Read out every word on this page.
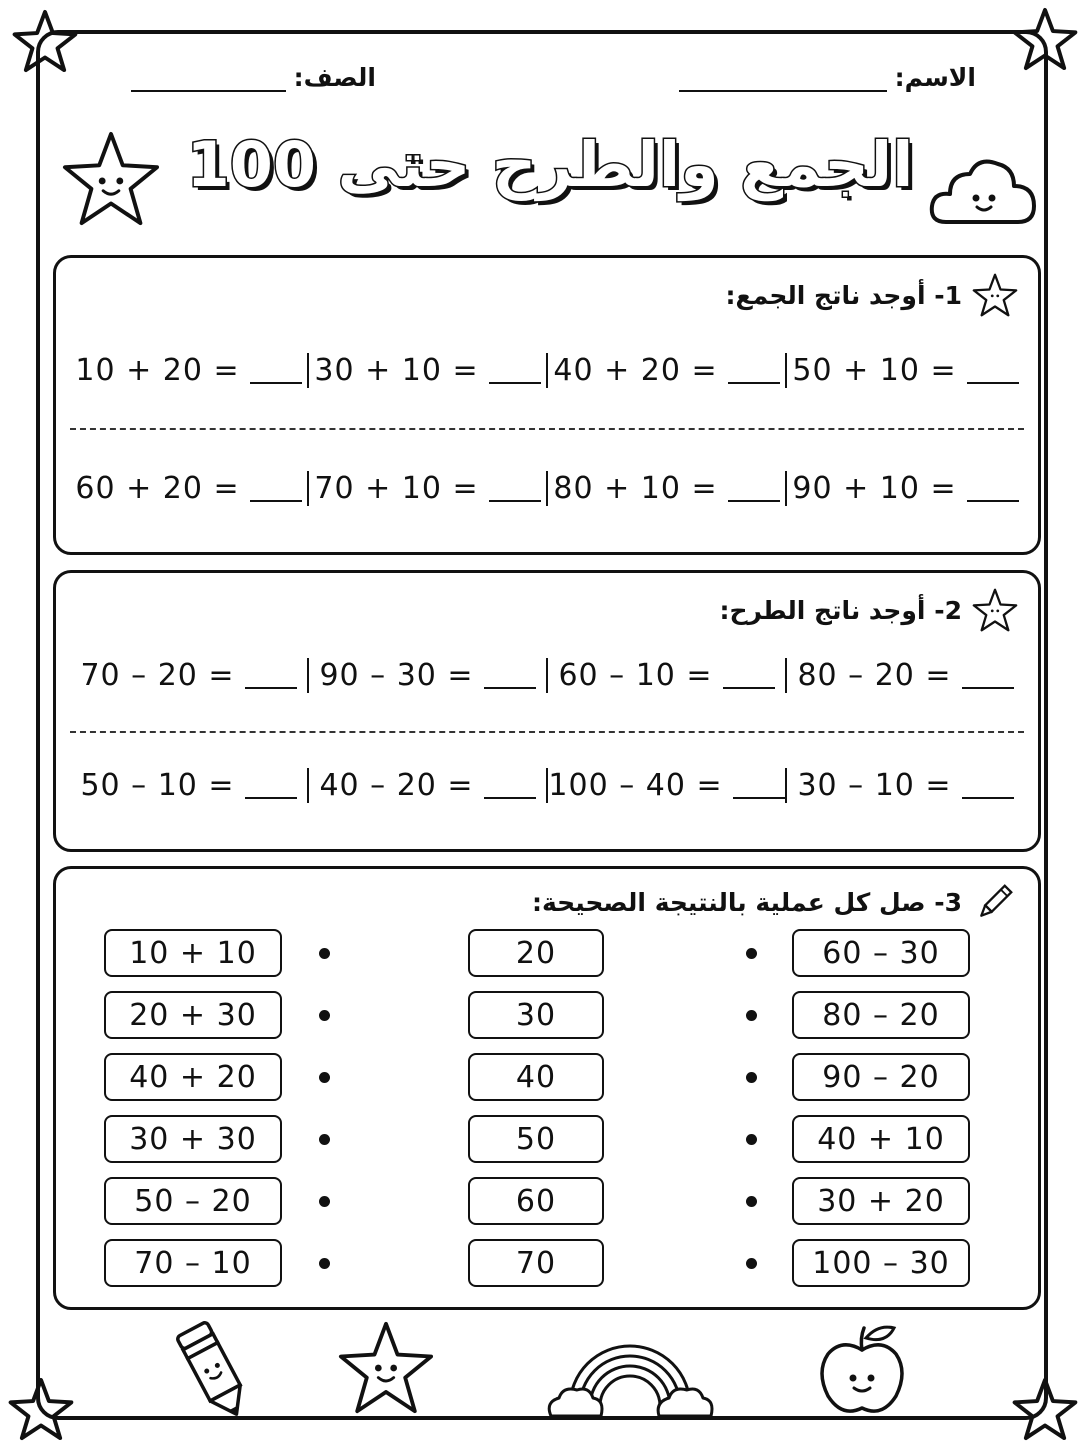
الاسم:
الصف:
الجمع والطرح حتى 100
1- أوجد ناتج الجمع:
10 + 20 = 30 + 10 = 40 + 20 = 50 + 10 =
60 + 20 = 70 + 10 = 80 + 10 = 90 + 10 =
2- أوجد ناتج الطرح:
70 – 20 =	90 – 30 =	60 – 10 =	80 – 20 =
50 – 10 =	40 – 20 = 100 – 40 = 30 – 10 =
3- صل كل عملية بالنتيجة الصحيحة:
10 + 10	20	60 – 30
20 + 30	30	80 – 20
40 + 20	40	90 – 20
30 + 30	50	40 + 10
50 – 20	60	30 + 20
70 – 10	70	100 – 30
